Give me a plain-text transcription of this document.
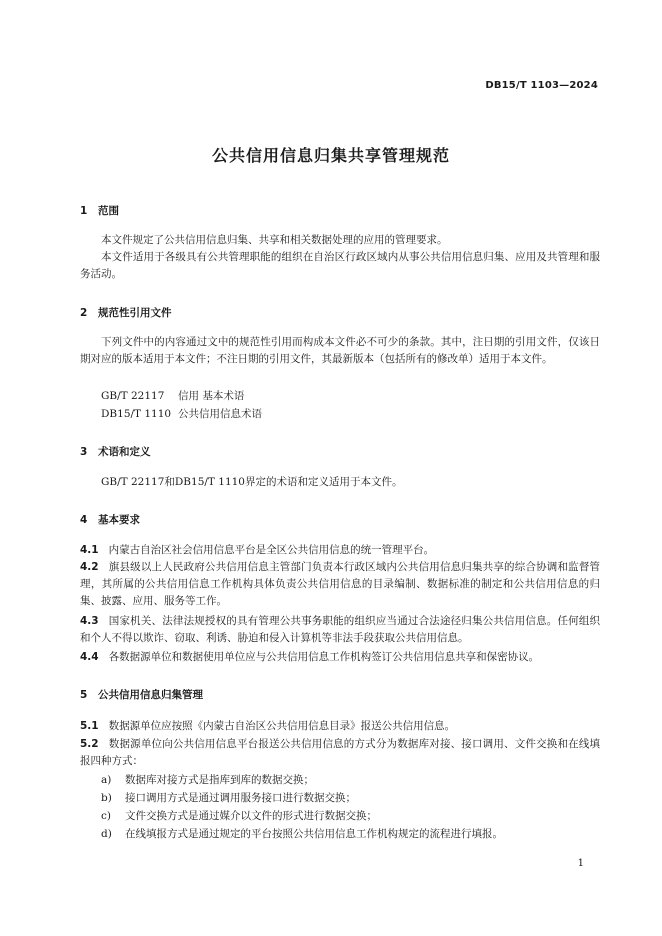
DB15/T 1103—2024
公共信用信息归集共享管理规范
1 范围
本文件规定了公共信用信息归集、共享和相关数据处理的应用的管理要求。
本文件适用于各级具有公共管理职能的组织在自治区行政区域内从事公共信用信息归集、应用及共管理和服务活动。
2 规范性引用文件
下列文件中的内容通过文中的规范性引用而构成本文件必不可少的条款。其中，注日期的引用文件，仅该日期对应的版本适用于本文件；不注日期的引用文件，其最新版本（包括所有的修改单）适用于本文件。
GB/T 22117 信用 基本术语
DB15/T 1110 公共信用信息术语
3 术语和定义
GB/T 22117和DB15/T 1110界定的术语和定义适用于本文件。
4 基本要求
4.1 内蒙古自治区社会信用信息平台是全区公共信用信息的统一管理平台。
4.2 旗县级以上人民政府公共信用信息主管部门负责本行政区域内公共信用信息归集共享的综合协调和监督管理，其所属的公共信用信息工作机构具体负责公共信用信息的目录编制、数据标准的制定和公共信用信息的归集、披露、应用、服务等工作。
4.3 国家机关、法律法规授权的具有管理公共事务职能的组织应当通过合法途径归集公共信用信息。任何组织和个人不得以欺诈、窃取、利诱、胁迫和侵入计算机等非法手段获取公共信用信息。
4.4 各数据源单位和数据使用单位应与公共信用信息工作机构签订公共信用信息共享和保密协议。
5 公共信用信息归集管理
5.1 数据源单位应按照《内蒙古自治区公共信用信息目录》报送公共信用信息。
5.2 数据源单位向公共信用信息平台报送公共信用信息的方式分为数据库对接、接口调用、文件交换和在线填报四种方式：
a) 数据库对接方式是指库到库的数据交换；
b) 接口调用方式是通过调用服务接口进行数据交换；
c) 文件交换方式是通过媒介以文件的形式进行数据交换；
d) 在线填报方式是通过规定的平台按照公共信用信息工作机构规定的流程进行填报。
1
